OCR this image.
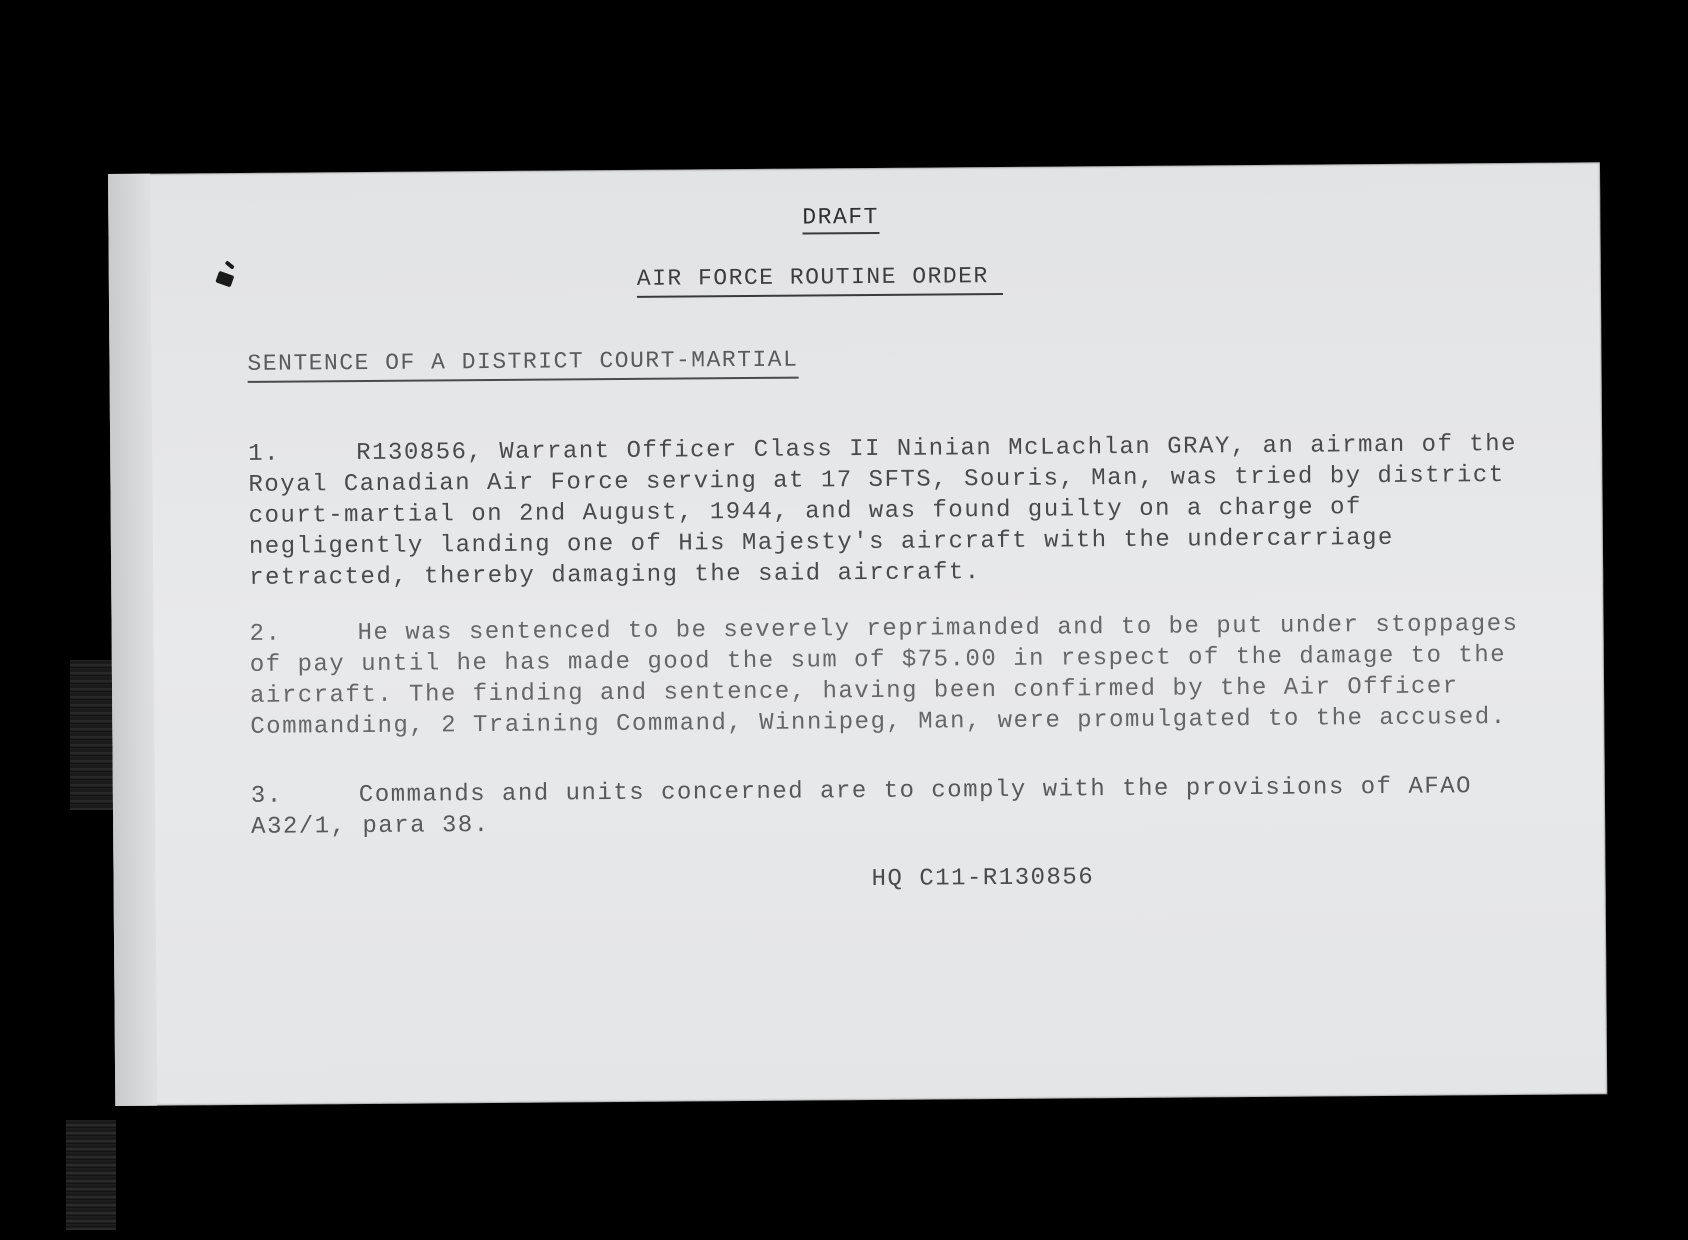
DRAFT
AIR FORCE ROUTINE ORDER
SENTENCE OF A DISTRICT COURT-MARTIAL
1.	R130856, Warrant Officer Class II Ninian McLachlan GRAY, an airman of the Royal Canadian Air Force serving at 17 SFTS, Souris, Man, was tried by district court-martial on 2nd August, 1944, and was found guilty on a charge of negligently landing one of His Majesty's aircraft with the undercarriage retracted, thereby damaging the said aircraft.
2.	He was sentenced to be severely reprimanded and to be put under stoppages of pay until he has made good the sum of $75.00 in respect of the damage to the aircraft. The finding and sentence, having been confirmed by the Air Officer Commanding, 2 Training Command, Winnipeg, Man, were promulgated to the accused.
3.	Commands and units concerned are to comply with the provisions of AFAO A32/1, para 38.
HQ C11-R130856
